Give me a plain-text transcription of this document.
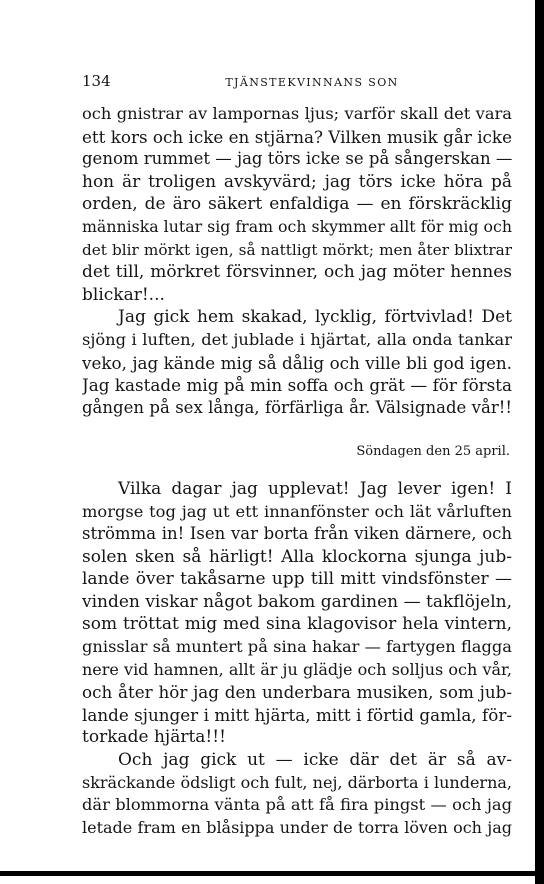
134	TJÄNSTEKVINNANS SON
och gnistrar av lampornas ljus; varför skall det vara
ett kors och icke en stjärna? Vilken musik går icke
genom rummet — jag törs icke se på sångerskan —
hon är troligen avskyvärd; jag törs icke höra på
orden, de äro säkert enfaldiga — en förskräcklig
människa lutar sig fram och skymmer allt för mig och
det blir mörkt igen, så nattligt mörkt; men åter blixtrar
det till, mörkret försvinner, och jag möter hennes
blickar!...
Jag gick hem skakad, lycklig, förtvivlad! Det
sjöng i luften, det jublade i hjärtat, alla onda tankar
veko, jag kände mig så dålig och ville bli god igen.
Jag kastade mig på min soffa och grät — för första
gången på sex långa, förfärliga år. Välsignade vår!!
Söndagen den 25 april.
Vilka dagar jag upplevat! Jag lever igen! I
morgse tog jag ut ett innanfönster och lät vårluften
strömma in! Isen var borta från viken därnere, och
solen sken så härligt! Alla klockorna sjunga jub-
lande över takåsarne upp till mitt vindsfönster —
vinden viskar något bakom gardinen — takflöjeln,
som tröttat mig med sina klagovisor hela vintern,
gnisslar så muntert på sina hakar — fartygen flagga
nere vid hamnen, allt är ju glädje och solljus och vår,
och åter hör jag den underbara musiken, som jub-
lande sjunger i mitt hjärta, mitt i förtid gamla, för-
torkade hjärta!!!
Och jag gick ut — icke där det är så av-
skräckande ödsligt och fult, nej, därborta i lunderna,
där blommorna vänta på att få fira pingst — och jag
letade fram en blåsippa under de torra löven och jag
